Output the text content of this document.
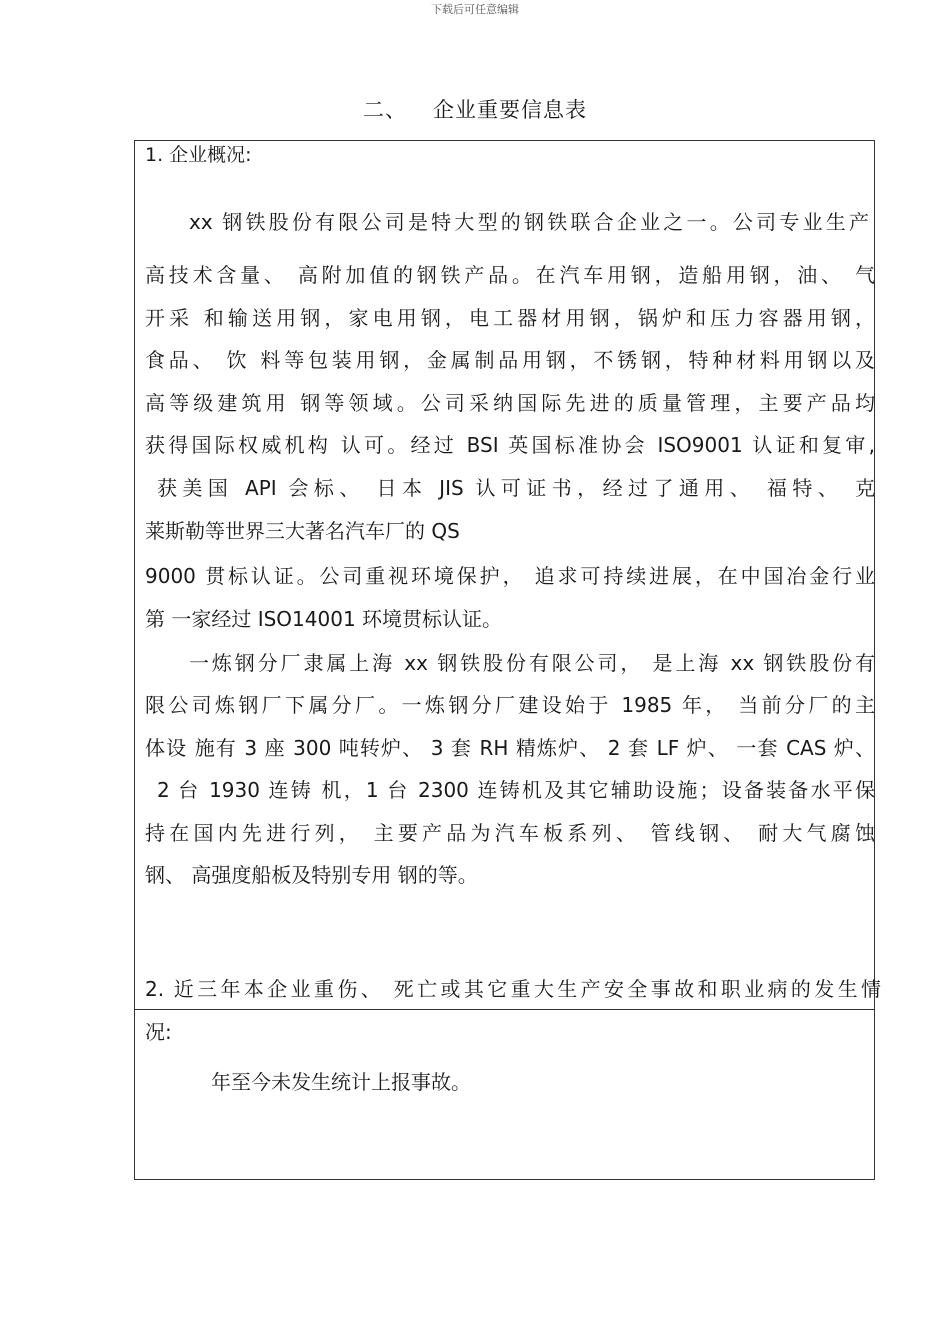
下载后可任意编辑
二、 企业重要信息表
1. 企业概况:
xx 钢铁股份有限公司是特大型的钢铁联合企业之一。公司专业生产
高技术含量、 高附加值的钢铁产品。在汽车用钢，造船用钢，油、 气
开采 和输送用钢，家电用钢，电工器材用钢，锅炉和压力容器用钢，
食品、 饮 料等包装用钢，金属制品用钢，不锈钢，特种材料用钢以及
高等级建筑用 钢等领域。公司采纳国际先进的质量管理，主要产品均
获得国际权威机构 认可。经过 BSI 英国标准协会 ISO9001 认证和复审,
获美国 API 会标、 日本 JIS 认可证书，经过了通用、 福特、 克
莱斯勒等世界三大著名汽车厂的 QS
9000 贯标认证。公司重视环境保护， 追求可持续进展，在中国冶金行业
第 一家经过 ISO14001 环境贯标认证。
一炼钢分厂隶属上海 xx 钢铁股份有限公司， 是上海 xx 钢铁股份有
限公司炼钢厂下属分厂。一炼钢分厂建设始于 1985 年， 当前分厂的主
体设 施有 3 座 300 吨转炉、 3 套 RH 精炼炉、 2 套 LF 炉、 一套 CAS 炉、
2 台 1930 连铸 机，1 台 2300 连铸机及其它辅助设施；设备装备水平保
持在国内先进行列， 主要产品为汽车板系列、 管线钢、 耐大气腐蚀
钢、 高强度船板及特别专用 钢的等。
2. 近三年本企业重伤、 死亡或其它重大生产安全事故和职业病的发生情
况:
年至今未发生统计上报事故。
